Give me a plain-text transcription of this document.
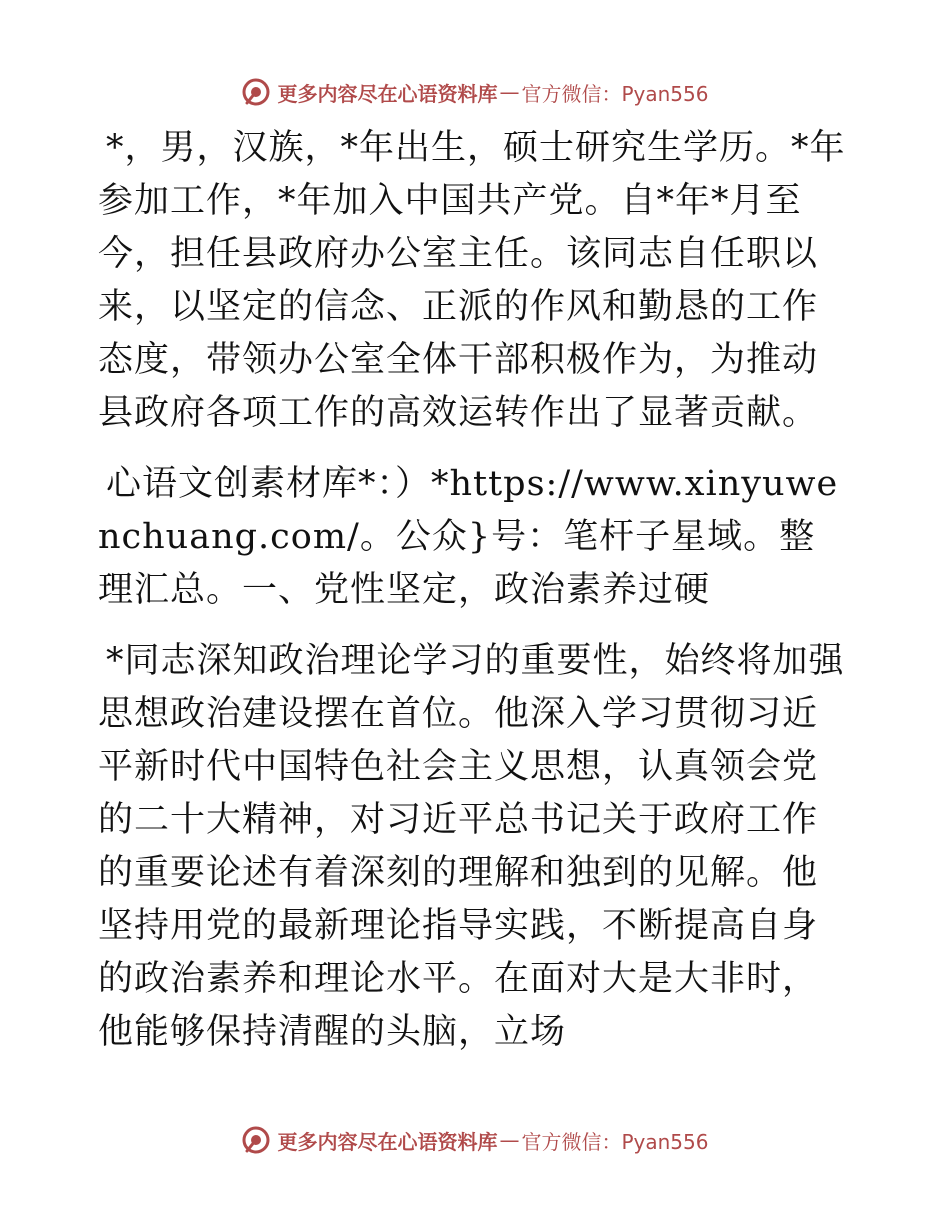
更多内容尽在心语资料库 — 官方微信：Pyan556

*，男，汉族，*年出生，硕士研究生学历。*年参加工作，*年加入中国共产党。自*年*月至今，担任县政府办公室主任。该同志自任职以来，以坚定的信念、正派的作风和勤恳的工作态度，带领办公室全体干部积极作为，为推动县政府各项工作的高效运转作出了显著贡献。

心语文创素材库*：）*https://www.xinyuwenchuang.com/。公众}号：笔杆子星域。整理汇总。一、党性坚定，政治素养过硬

*同志深知政治理论学习的重要性，始终将加强思想政治建设摆在首位。他深入学习贯彻习近平新时代中国特色社会主义思想，认真领会党的二十大精神，对习近平总书记关于政府工作的重要论述有着深刻的理解和独到的见解。他坚持用党的最新理论指导实践，不断提高自身的政治素养和理论水平。在面对大是大非时，他能够保持清醒的头脑，立场

更多内容尽在心语资料库 — 官方微信：Pyan556
